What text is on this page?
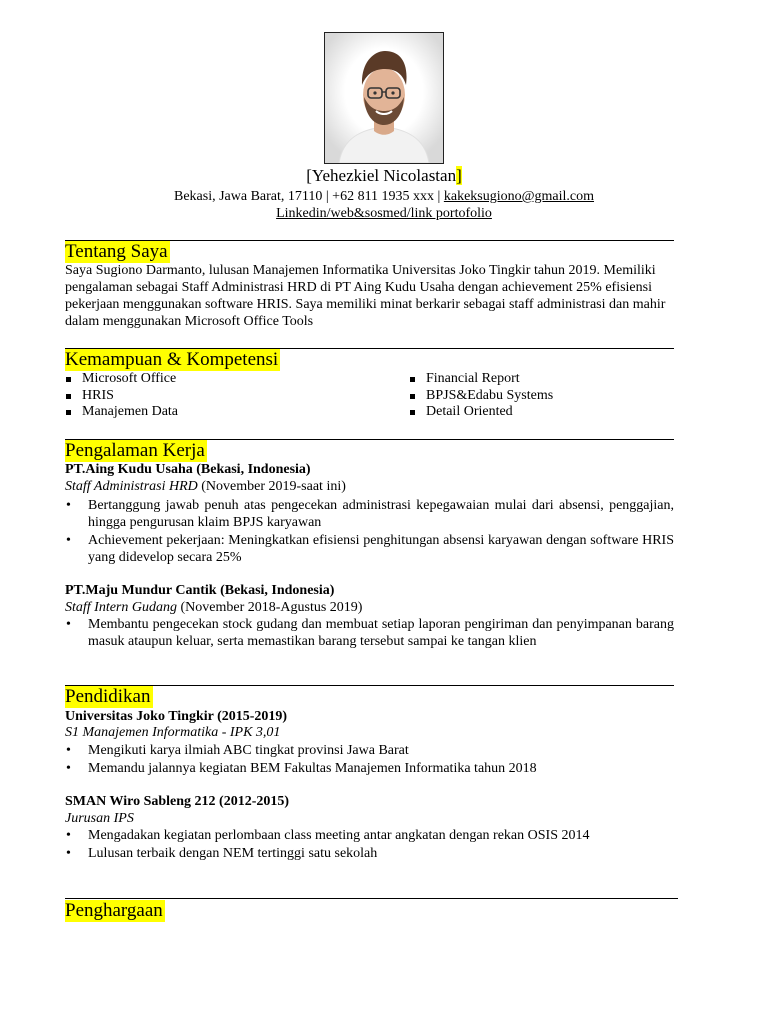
[Yehezkiel Nicolastan]
Bekasi, Jawa Barat, 17110 | +62 811 1935 xxx | kakeksugiono@gmail.com
Linkedin/web&sosmed/link portofolio
Tentang Saya
Saya Sugiono Darmanto, lulusan Manajemen Informatika Universitas Joko Tingkir tahun 2019. Memiliki pengalaman sebagai Staff Administrasi HRD di PT Aing Kudu Usaha dengan achievement 25% efisiensi pekerjaan menggunakan software HRIS. Saya memiliki minat berkarir sebagai staff administrasi dan mahir dalam menggunakan Microsoft Office Tools
Kemampuan & Kompetensi
Microsoft Office
HRIS
Manajemen Data
Financial Report
BPJS&Edabu Systems
Detail Oriented
Pengalaman Kerja
PT.Aing Kudu Usaha (Bekasi, Indonesia)
Staff Administrasi HRD (November 2019-saat ini)
• Bertanggung jawab penuh atas pengecekan administrasi kepegawaian mulai dari absensi, penggajian, hingga pengurusan klaim BPJS karyawan
• Achievement pekerjaan: Meningkatkan efisiensi penghitungan absensi karyawan dengan software HRIS yang didevelop secara 25%
PT.Maju Mundur Cantik (Bekasi, Indonesia)
Staff Intern Gudang (November 2018-Agustus 2019)
• Membantu pengecekan stock gudang dan membuat setiap laporan pengiriman dan penyimpanan barang masuk ataupun keluar, serta memastikan barang tersebut sampai ke tangan klien
Pendidikan
Universitas Joko Tingkir (2015-2019)
S1 Manajemen Informatika - IPK 3,01
• Mengikuti karya ilmiah ABC tingkat provinsi Jawa Barat
• Memandu jalannya kegiatan BEM Fakultas Manajemen Informatika tahun 2018
SMAN Wiro Sableng 212 (2012-2015)
Jurusan IPS
• Mengadakan kegiatan perlombaan class meeting antar angkatan dengan rekan OSIS 2014
• Lulusan terbaik dengan NEM tertinggi satu sekolah
Penghargaan
